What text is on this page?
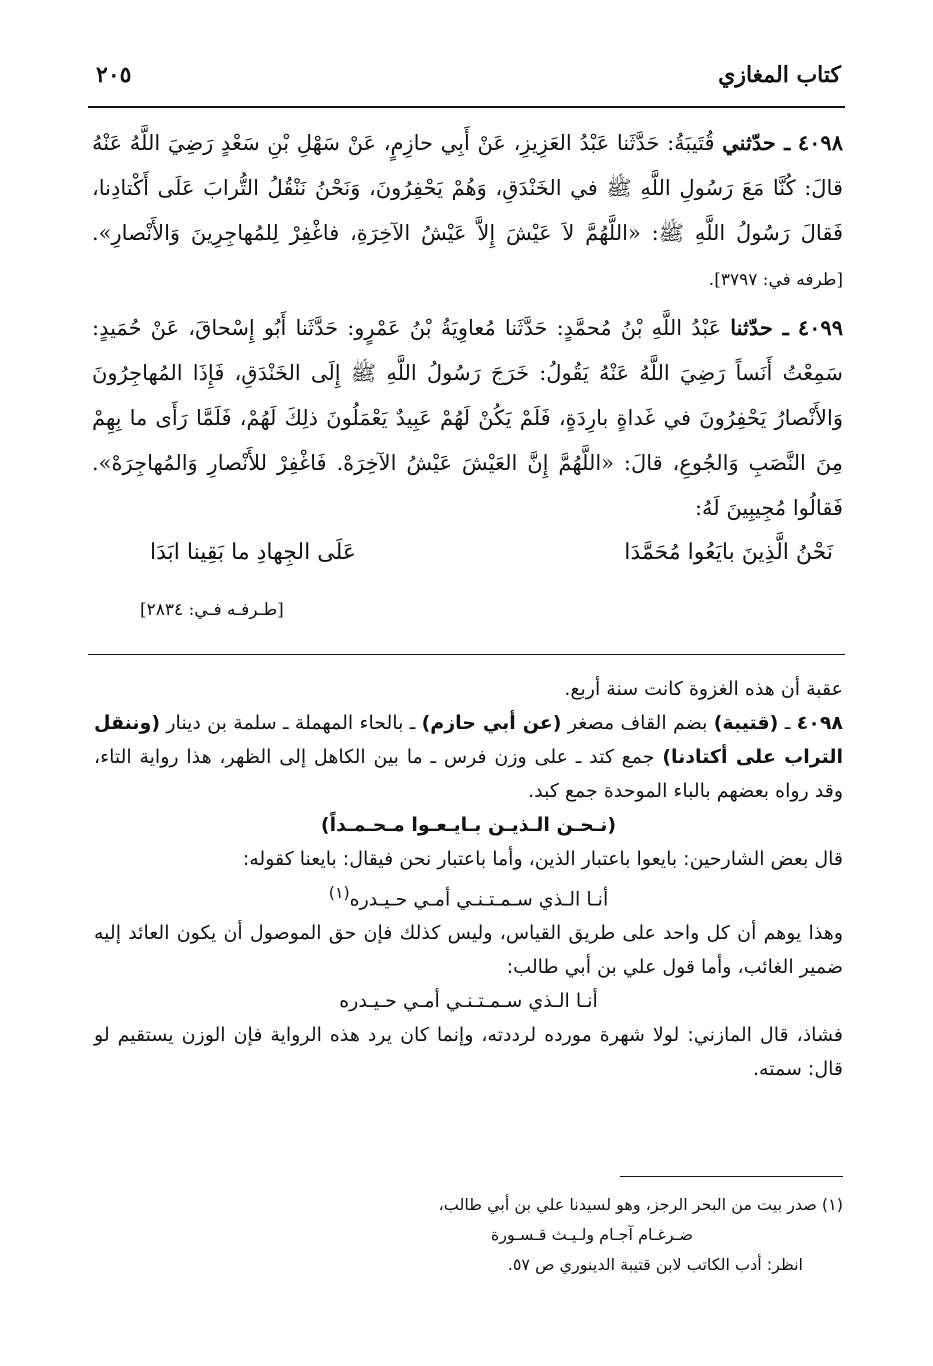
كتاب المغازي
٢٠٥
٤٠٩٨ ـ حدّثني قُتَيبَةُ: حَدَّثَنا عَبْدُ العَزِيزِ، عَنْ أَبِي حازِمٍ، عَنْ سَهْلِ بْنِ سَعْدٍ رَضِيَ اللَّهُ عَنْهُ قالَ: كُنَّا مَعَ رَسُولِ اللَّهِ ﷺ في الخَنْدَقِ، وَهُمْ يَحْفِرُونَ، وَنَحْنُ نَنْقُلُ التُّرابَ عَلَى أَكْتادِنا، فَقالَ رَسُولُ اللَّهِ ﷺ: «اللَّهُمَّ لاَ عَيْشَ إِلاَّ عَيْشُ الآخِرَةِ، فاغْفِرْ لِلمُهاجِرِينَ وَالأَنْصارِ». [طرفه في: ٣٧٩٧].
٤٠٩٩ ـ حدّثنا عَبْدُ اللَّهِ بْنُ مُحمَّدٍ: حَدَّثَنا مُعاوِيَةُ بْنُ عَمْرٍو: حَدَّثَنا أَبُو إِسْحاقَ، عَنْ حُمَيدٍ: سَمِعْتُ أَنَساً رَضِيَ اللَّهُ عَنْهُ يَقُولُ: خَرَجَ رَسُولُ اللَّهِ ﷺ إِلَى الخَنْدَقِ، فَإِذَا المُهاجِرُونَ وَالأَنْصارُ يَحْفِرُونَ في غَداةٍ بارِدَةٍ، فَلَمْ يَكُنْ لَهُمْ عَبِيدٌ يَعْمَلُونَ ذلِكَ لَهُمْ، فَلَمَّا رَأَى ما بِهِمْ مِنَ النَّصَبِ وَالجُوعِ، قالَ: «اللَّهُمَّ إِنَّ العَيْشَ عَيْشُ الآخِرَهْ. فَاغْفِرْ للأَنْصارِ وَالمُهاجِرَهْ». فَقالُوا مُجِيبِينَ لَهُ:
نَحْنُ الَّذِينَ بايَعُوا مُحَمَّدَا
عَلَى الجِهادِ ما بَقِينا ابَدَا
[طـرفـه فـي: ٢٨٣٤]

عقبة أن هذه الغزوة كانت سنة أربع.

٤٠٩٨ ـ (قتيبة) بضم القاف مصغر (عن أبي حازم) ـ بالحاء المهملة ـ سلمة بن دينار (وننقل التراب على أكتادنا) جمع كتد ـ على وزن فرس ـ ما بين الكاهل إلى الظهر، هذا رواية التاء، وقد رواه بعضهم بالباء الموحدة جمع كبد.

(نـحـن الـذيـن بـايـعـوا مـحـمـداً)

قال بعض الشارحين: بايعوا باعتبار الذين، وأما باعتبار نحن فيقال: بايعنا كقوله:

أنـا الـذي سـمـتـنـي أمـي حـيـدره$^{(١)}$

وهذا يوهم أن كل واحد على طريق القياس، وليس كذلك فإن حق الموصول أن يكون العائد إليه ضمير الغائب، وأما قول علي بن أبي طالب:

أنـا الـذي سـمـتـنـي أمـي حـيـدره

فشاذ، قال المازني: لولا شهرة مورده لرددته، وإنما كان يرد هذه الرواية فإن الوزن يستقيم لو قال: سمته.

(١) صدر بيت من البحر الرجز، وهو لسيدنا علي بن أبي طالب،

ضـرغـام آجـام ولـيـث قـسـورة

انظر: أدب الكاتب لابن قتيبة الدينوري ص ٥٧.
